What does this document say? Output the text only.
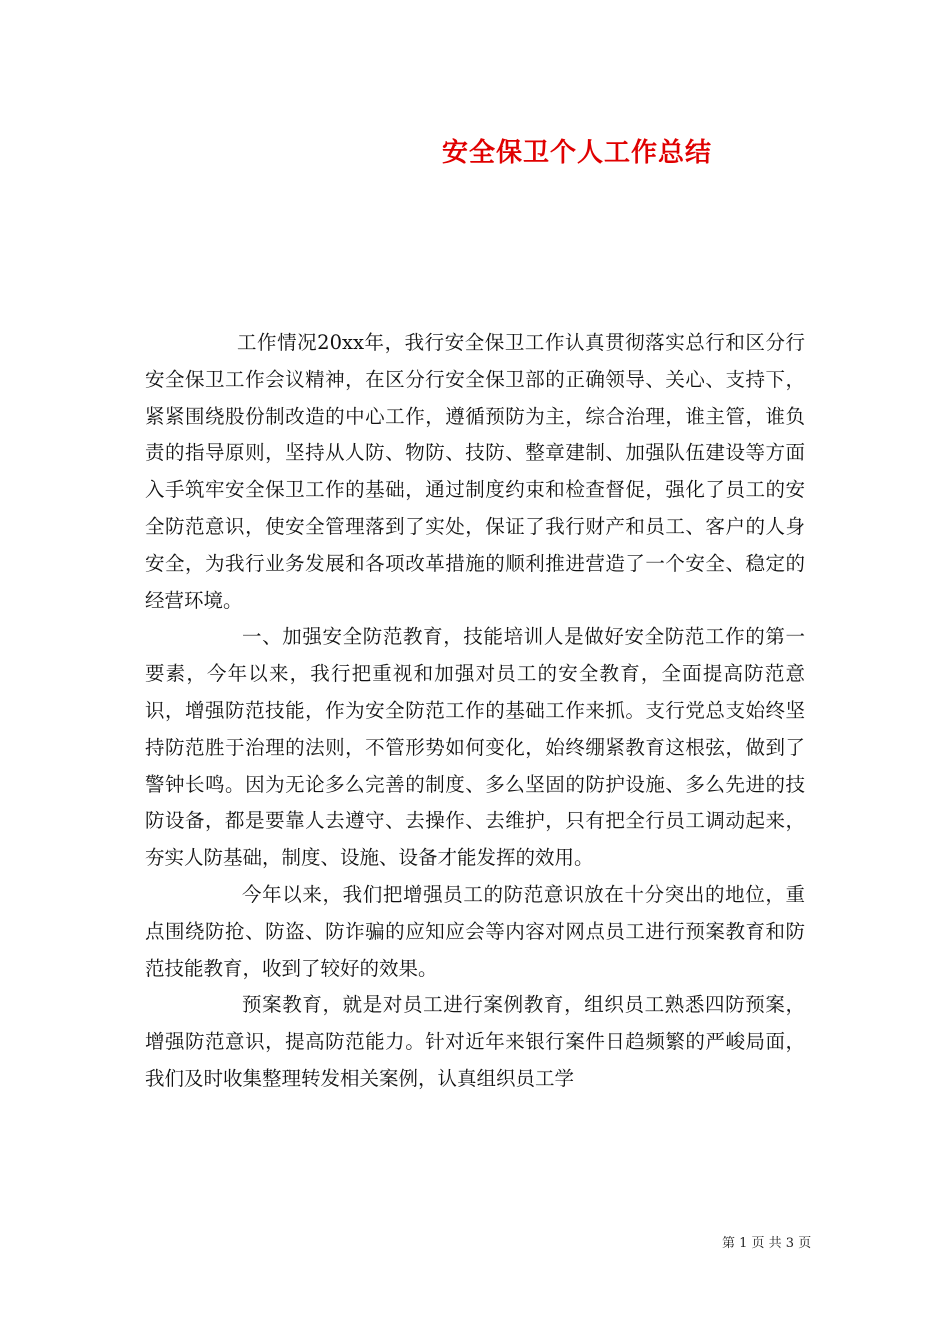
安全保卫个人工作总结

工作情况20xx年，我行安全保卫工作认真贯彻落实总行和区分行安全保卫工作会议精神，在区分行安全保卫部的正确领导、关心、支持下，紧紧围绕股份制改造的中心工作，遵循预防为主，综合治理，谁主管，谁负责的指导原则，坚持从人防、物防、技防、整章建制、加强队伍建设等方面入手筑牢安全保卫工作的基础，通过制度约束和检查督促，强化了员工的安全防范意识，使安全管理落到了实处，保证了我行财产和员工、客户的人身安全，为我行业务发展和各项改革措施的顺利推进营造了一个安全、稳定的经营环境。

一、加强安全防范教育，技能培训人是做好安全防范工作的第一要素，今年以来，我行把重视和加强对员工的安全教育，全面提高防范意识，增强防范技能，作为安全防范工作的基础工作来抓。支行党总支始终坚持防范胜于治理的法则，不管形势如何变化，始终绷紧教育这根弦，做到了警钟长鸣。因为无论多么完善的制度、多么坚固的防护设施、多么先进的技防设备，都是要靠人去遵守、去操作、去维护，只有把全行员工调动起来，夯实人防基础，制度、设施、设备才能发挥的效用。

今年以来，我们把增强员工的防范意识放在十分突出的地位，重点围绕防抢、防盗、防诈骗的应知应会等内容对网点员工进行预案教育和防范技能教育，收到了较好的效果。

预案教育，就是对员工进行案例教育，组织员工熟悉四防预案，增强防范意识，提高防范能力。针对近年来银行案件日趋频繁的严峻局面，我们及时收集整理转发相关案例，认真组织员工学

第 1 页 共 3 页
